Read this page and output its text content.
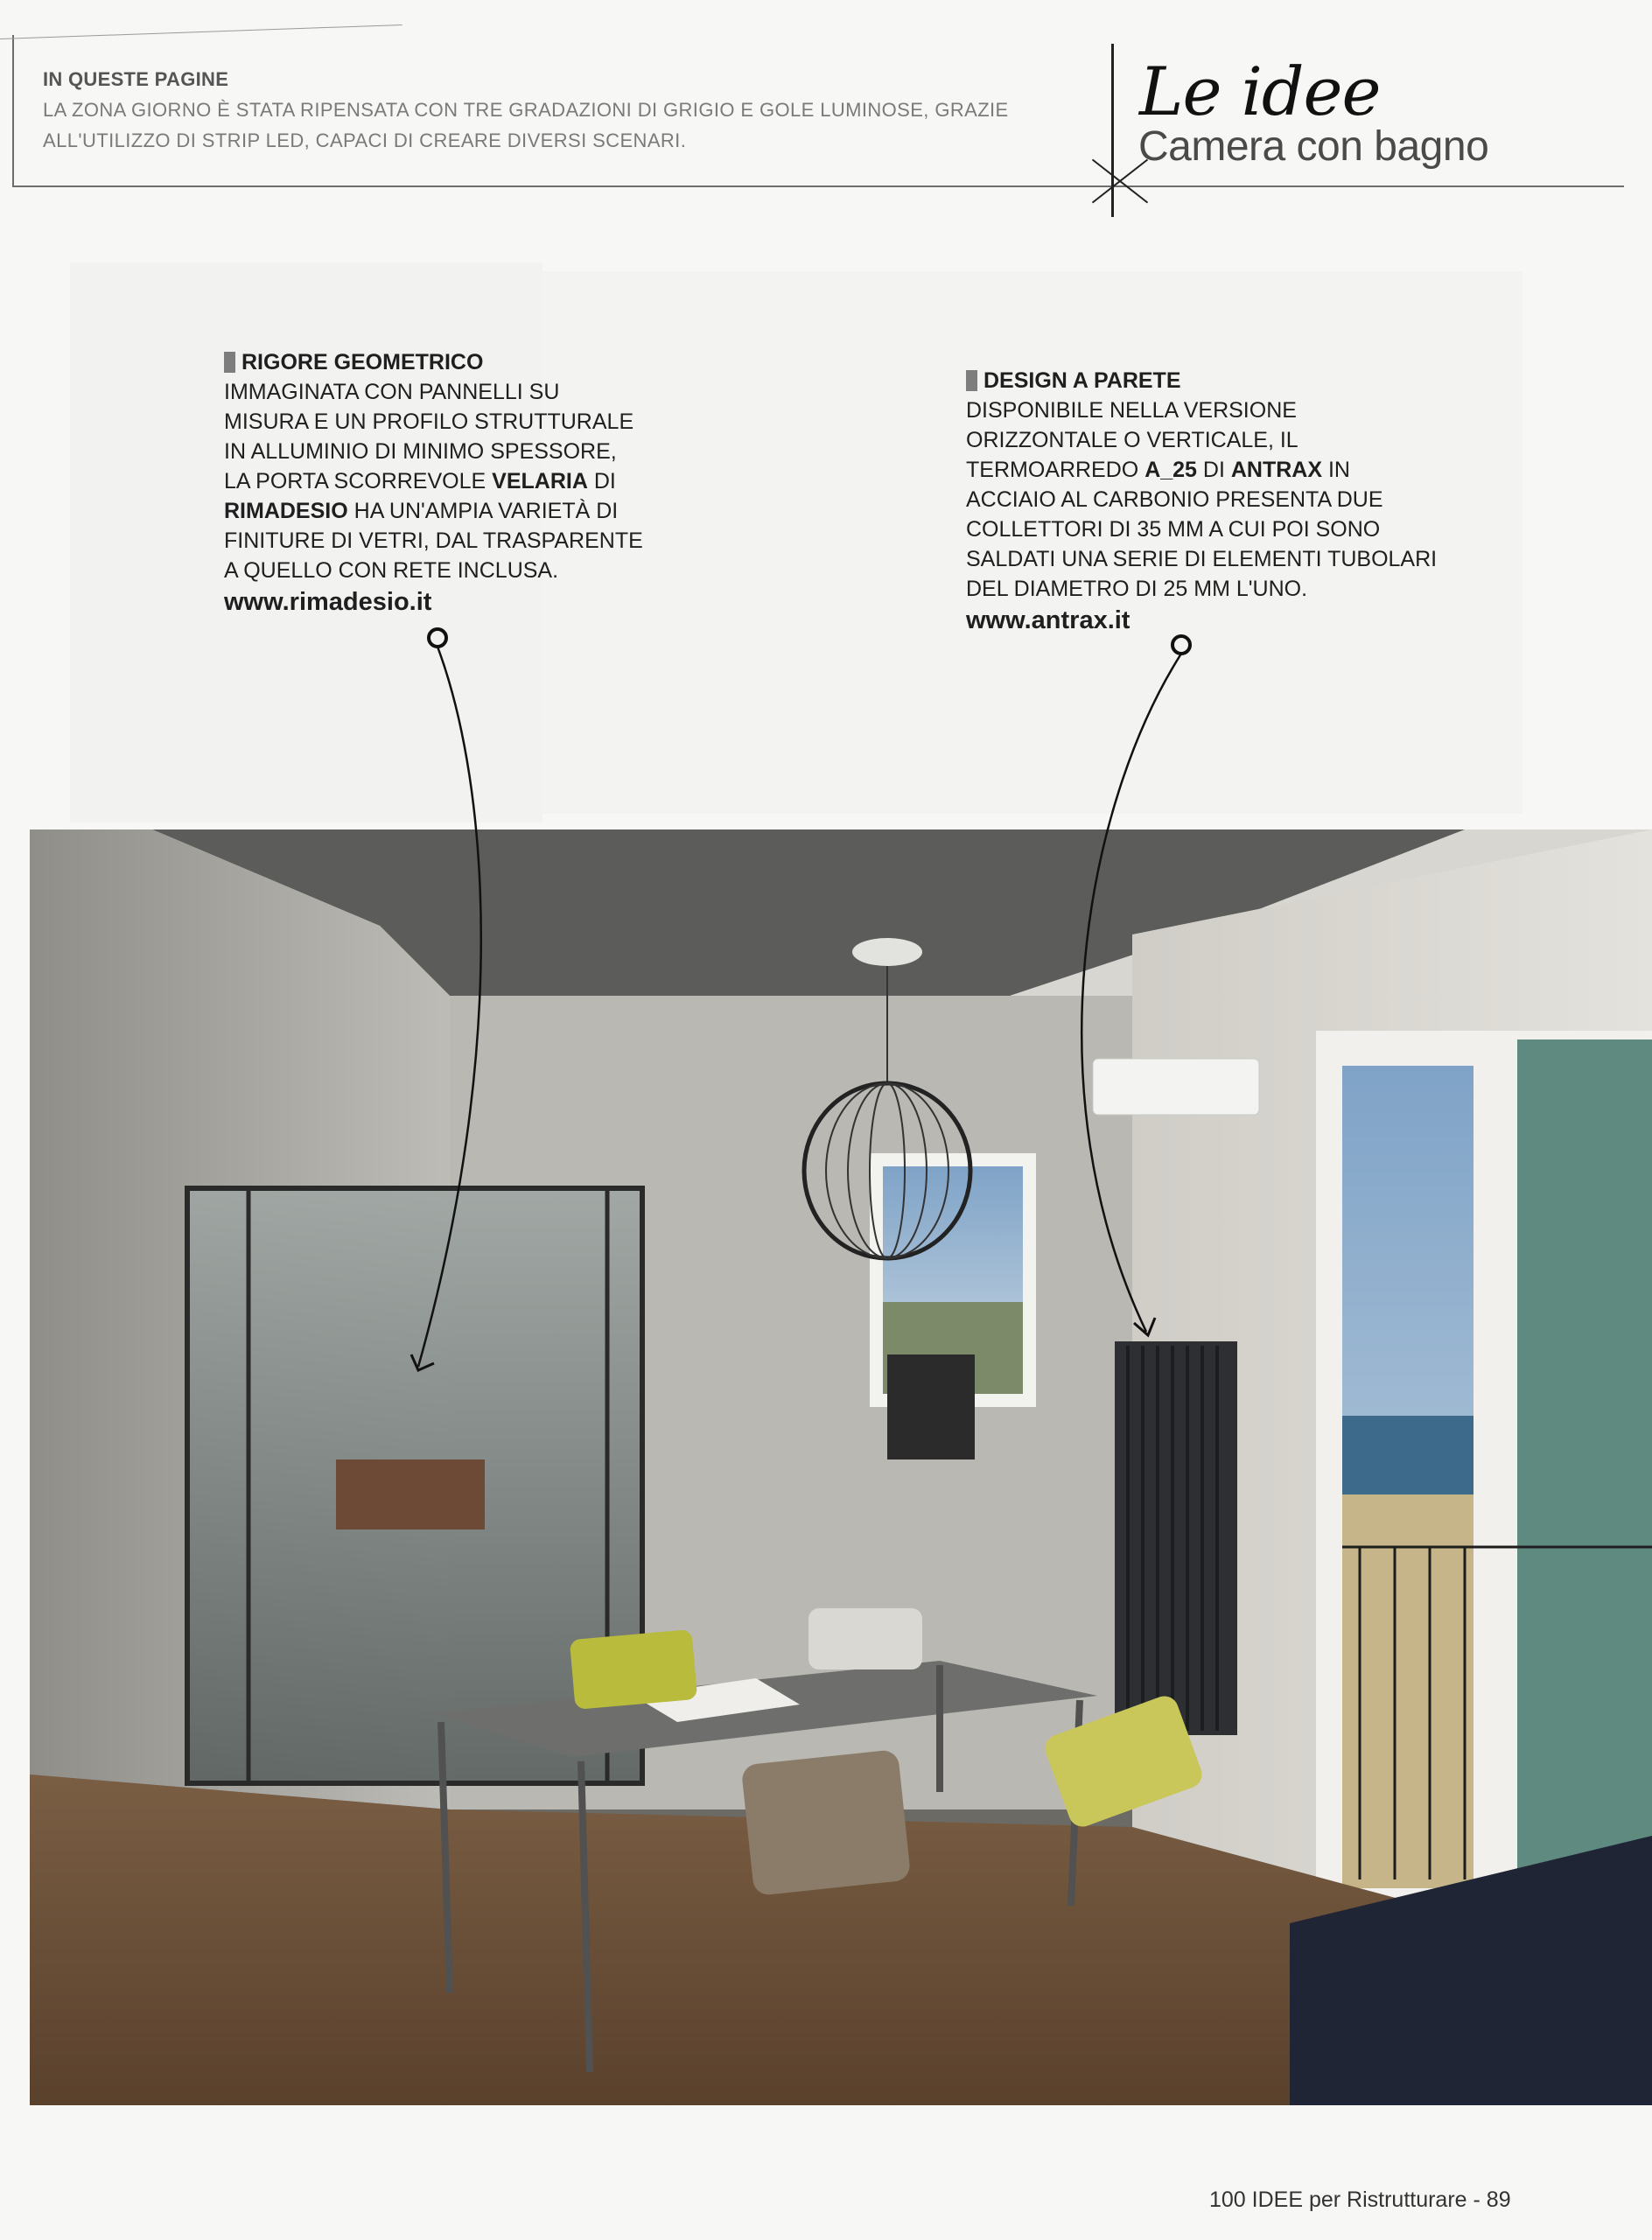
IN QUESTE PAGINE
LA ZONA GIORNO È STATA RIPENSATA CON TRE GRADAZIONI DI GRIGIO E GOLE LUMINOSE, GRAZIE ALL'UTILIZZO DI STRIP LED, CAPACI DI CREARE DIVERSI SCENARI.
Le idee
Camera con bagno
RIGORE GEOMETRICO
IMMAGINATA CON PANNELLI SU MISURA E UN PROFILO STRUTTURALE IN ALLUMINIO DI MINIMO SPESSORE, LA PORTA SCORREVOLE VELARIA DI RIMADESIO HA UN'AMPIA VARIETÀ DI FINITURE DI VETRI, DAL TRASPARENTE A QUELLO CON RETE INCLUSA.
www.rimadesio.it
DESIGN A PARETE
DISPONIBILE NELLA VERSIONE ORIZZONTALE O VERTICALE, IL TERMOARREDO A_25 DI ANTRAX IN ACCIAIO AL CARBONIO PRESENTA DUE COLLETTORI DI 35 MM A CUI POI SONO SALDATI UNA SERIE DI ELEMENTI TUBOLARI DEL DIAMETRO DI 25 MM L'UNO.
www.antrax.it
100 IDEE per Ristrutturare - 89
